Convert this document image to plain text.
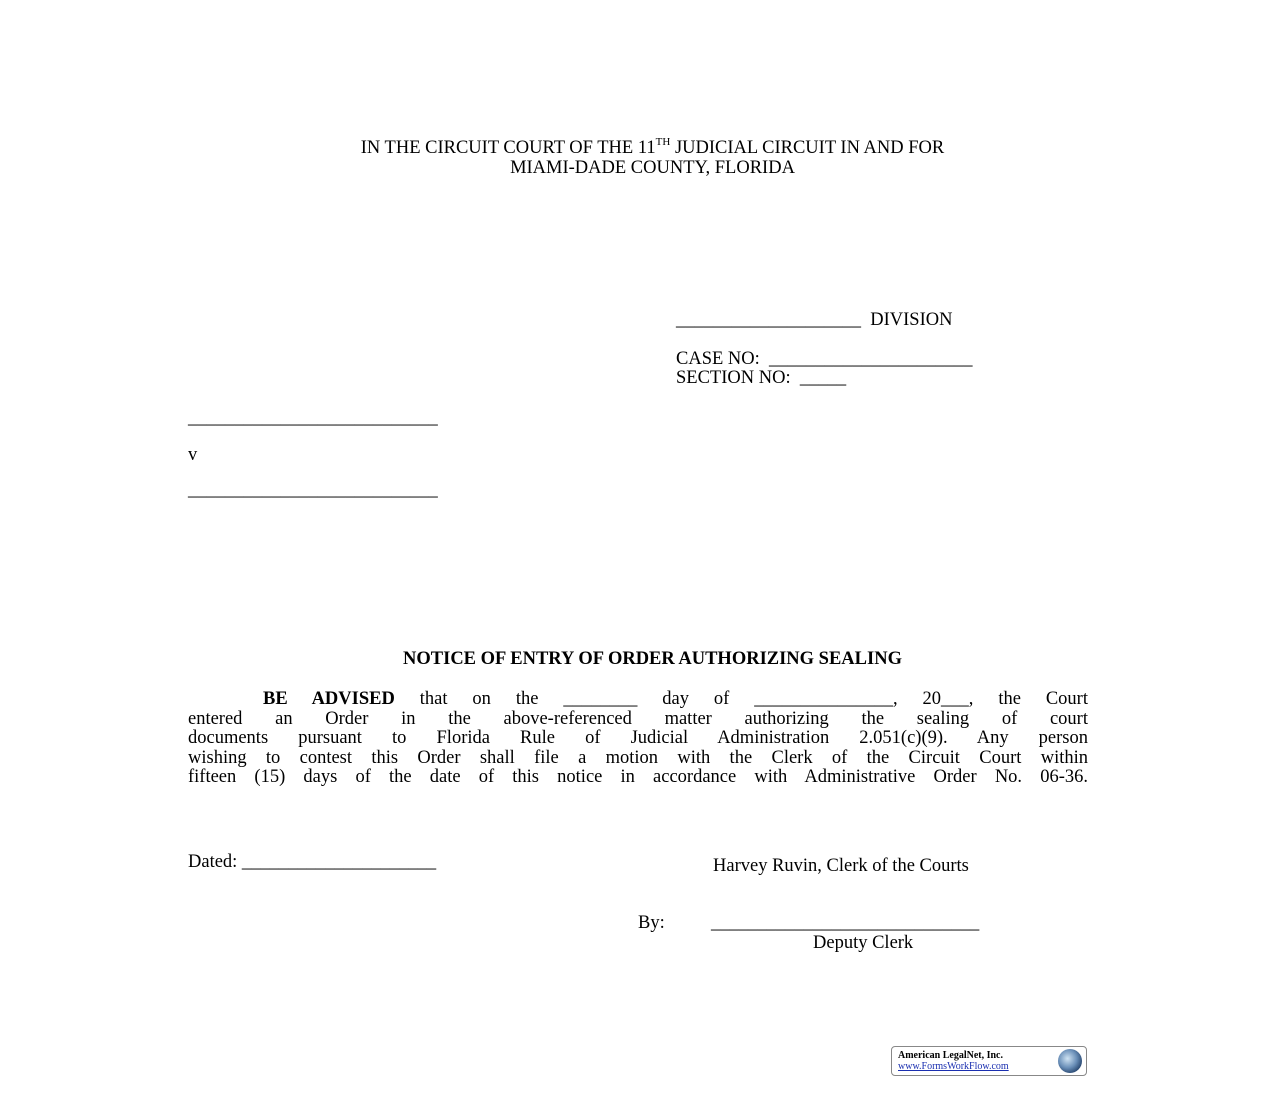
IN THE CIRCUIT COURT OF THE 11TH JUDICIAL CIRCUIT IN AND FOR
MIAMI-DADE COUNTY, FLORIDA
____________________  DIVISION
CASE NO:  ______________________
SECTION NO:  _____
___________________________
v
___________________________
NOTICE OF ENTRY OF ORDER AUTHORIZING SEALING
BE ADVISED that on the ________ day of _______________, 20___, the Court
entered an Order in the above-referenced matter authorizing the sealing of court
documents pursuant to Florida Rule of Judicial Administration 2.051(c)(9). Any person
wishing to contest this Order shall file a motion with the Clerk of the Circuit Court within
fifteen (15) days of the date of this notice in accordance with Administrative Order No. 06-36.
Dated: _____________________	Harvey Ruvin, Clerk of the Courts
By:	_____________________________
Deputy Clerk
American LegalNet, Inc.
www.FormsWorkFlow.com
